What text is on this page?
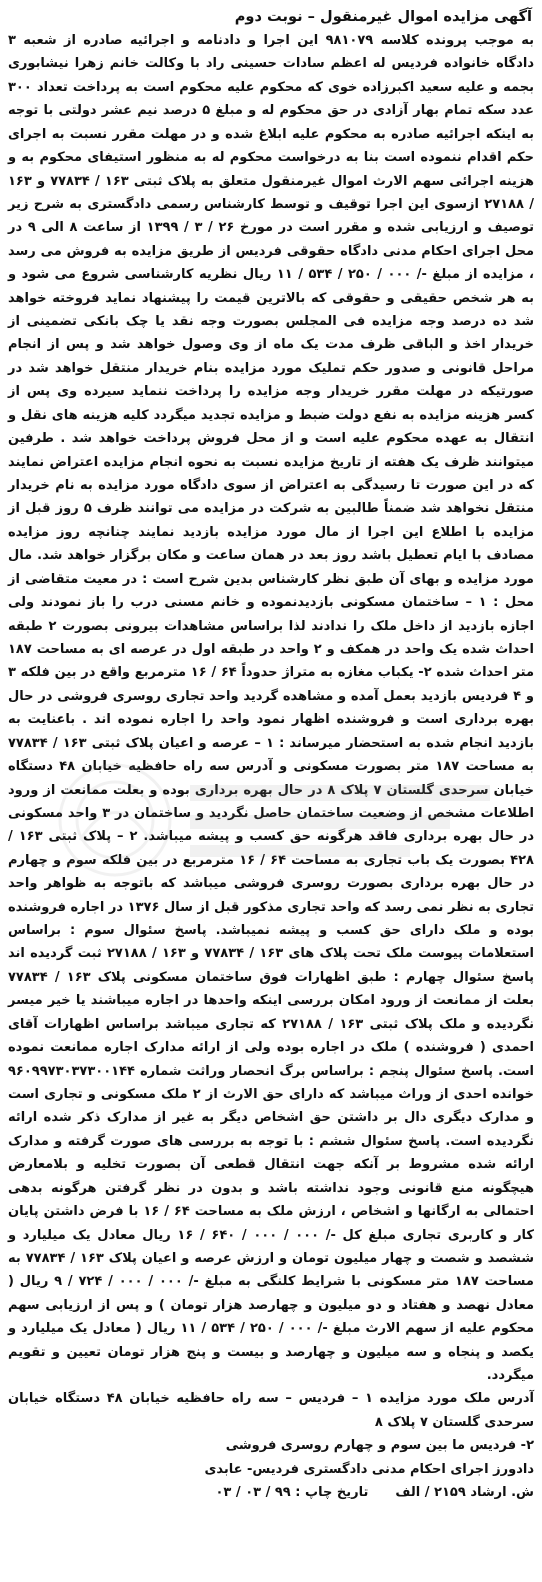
آگهی مزایده اموال غیرمنقول – نوبت دوم

به موجب پرونده کلاسه ۹۸۱۰۷۹ این اجرا و دادنامه و اجرائیه صادره از شعبه ۳ دادگاه خانواده فردیس له اعظم سادات حسینی راد با وکالت خانم زهرا نیشابوری بجمه و علیه سعید اکبرزاده خوی که محکوم علیه محکوم است به پرداخت تعداد ۳۰۰ عدد سکه تمام بهار آزادی در حق محکوم له و مبلغ ۵ درصد نیم عشر دولتی با توجه به اینکه اجرائیه صادره به محکوم علیه ابلاغ شده و در مهلت مقرر نسبت به اجرای حکم اقدام ننموده است بنا به درخواست محکوم له به منظور استیفای محکوم به و هزینه اجرائی سهم الارث اموال غیرمنقول متعلق به پلاک ثبتی ۱۶۳ / ۷۷۸۳۴ و ۱۶۳ / ۲۷۱۸۸ ازسوی این اجرا توقیف و توسط کارشناس رسمی دادگستری به شرح زیر توصیف و ارزیابی شده و مقرر است در مورخ ۲۶ / ۳ / ۱۳۹۹ از ساعت ۸ الی ۹ در محل اجرای احکام مدنی دادگاه حقوقی فردیس از طریق مزایده به فروش می رسد ، مزایده از مبلغ -/ ۰۰۰ / ۲۵۰ / ۵۳۴ / ۱۱ ریال نظریه کارشناسی شروع می شود و به هر شخص حقیقی و حقوقی که بالاترین قیمت را پیشنهاد نماید فروخته خواهد شد ده درصد وجه مزایده فی المجلس بصورت وجه نقد یا چک بانکی تضمینی از خریدار اخذ و الباقی ظرف مدت یک ماه از وی وصول خواهد شد و پس از انجام مراحل قانونی و صدور حکم تملیک مورد مزایده بنام خریدار منتقل خواهد شد در صورتیکه در مهلت مقرر خریدار وجه مزایده را پرداخت ننماید سیرده وی پس از کسر هزینه مزایده به نفع دولت ضبط و مزایده تجدید میگردد کلیه هزینه های نقل و انتقال به عهده محکوم علیه است و از محل فروش پرداخت خواهد شد . طرفین میتوانند ظرف یک هفته از تاریخ مزایده نسبت به نحوه انجام مزایده اعتراض نمایند که در این صورت تا رسیدگی به اعتراض از سوی دادگاه مورد مزایده به نام خریدار منتقل نخواهد شد ضمناً طالبین به شرکت در مزایده می توانند ظرف ۵ روز قبل از مزایده با اطلاع این اجرا از مال مورد مزایده بازدید نمایند چنانچه روز مزایده مصادف با ایام تعطیل باشد روز بعد در همان ساعت و مکان برگزار خواهد شد. مال مورد مزایده و بهای آن طبق نظر کارشناس بدین شرح است : در معیت متقاضی از محل : ۱ – ساختمان مسکونی بازدیدنموده و خانم مسنی درب را باز نمودند ولی اجازه بازدید از داخل ملک را ندادند لذا براساس مشاهدات بیرونی بصورت ۲ طبقه احداث شده یک واحد در همکف و ۲ واحد در طبقه اول در عرصه ای به مساحت ۱۸۷ متر احداث شده ۲- یکباب مغازه به متراژ حدوداً ۶۴ / ۱۶ مترمربع واقع در بین فلکه ۳ و ۴ فردیس بازدید بعمل آمده و مشاهده گردید واحد تجاری روسری فروشی در حال بهره برداری است و فروشنده اظهار نمود واحد را اجاره نموده اند . باعنایت به بازدید انجام شده به استحضار میرساند : ۱ – عرصه و اعیان پلاک ثبتی ۱۶۳ / ۷۷۸۳۴ به مساحت ۱۸۷ متر بصورت مسکونی و آدرس سه راه حافظیه خیابان ۴۸ دستگاه خیابان سرحدی گلستان ۷ پلاک ۸ در حال بهره برداری بوده و بعلت ممانعت از ورود اطلاعات مشخص از وضعیت ساختمان حاصل نگردید و ساختمان در ۳ واحد مسکونی در حال بهره برداری فاقد هرگونه حق کسب و پیشه میباشد. ۲ – پلاک ثبتی ۱۶۳ / ۴۲۸ بصورت یک باب تجاری به مساحت ۶۴ / ۱۶ مترمربع در بین فلکه سوم و چهارم در حال بهره برداری بصورت روسری فروشی میباشد که باتوجه به ظواهر واحد تجاری به نظر نمی رسد که واحد تجاری مذکور قبل از سال ۱۳۷۶ در اجاره فروشنده بوده و ملک دارای حق کسب و پیشه نمیباشد. پاسخ سئوال سوم : براساس استعلامات پیوست ملک تحت پلاک های ۱۶۳ / ۷۷۸۳۴ و ۱۶۳ / ۲۷۱۸۸ ثبت گردیده اند پاسخ سئوال چهارم : طبق اظهارات فوق ساختمان مسکونی پلاک ۱۶۳ / ۷۷۸۳۴ بعلت از ممانعت از ورود امکان بررسی اینکه واحدها در اجاره میباشند یا خیر میسر نگردیده و ملک پلاک ثبتی ۱۶۳ / ۲۷۱۸۸ که تجاری میباشد براساس اظهارات آقای احمدی ( فروشنده ) ملک در اجاره بوده ولی از ارائه مدارک اجاره ممانعت نموده است. پاسخ سئوال پنجم : براساس برگ انحصار وراثت شماره ۹۶۰۹۹۷۳۰۳۷۳۰۰۱۴۴ خوانده احدی از وراث میباشد که دارای حق الارث از ۲ ملک مسکونی و تجاری است و مدارک دیگری دال بر داشتن حق اشخاص دیگر به غیر از مدارک ذکر شده ارائه نگردیده است. پاسخ سئوال ششم : با توجه به بررسی های صورت گرفته و مدارک ارائه شده مشروط بر آنکه جهت انتقال قطعی آن بصورت تخلیه و بلامعارض هیچگونه منع قانونی وجود نداشته باشد و بدون در نظر گرفتن هرگونه بدهی احتمالی به ارگانها و اشخاص ، ارزش ملک به مساحت ۶۴ / ۱۶ با فرض داشتن پایان کار و کاربری تجاری مبلغ کل -/ ۰۰۰ / ۰۰۰ / ۶۴۰ / ۱۶ ریال معادل یک میلیارد و ششصد و شصت و چهار میلیون تومان و ارزش عرصه و اعیان پلاک ۱۶۳ / ۷۷۸۳۴ به مساحت ۱۸۷ متر مسکونی با شرایط کلنگی به مبلغ -/ ۰۰۰ / ۰۰۰ / ۷۲۴ / ۹ ریال ( معادل نهصد و هفتاد و دو میلیون و چهارصد هزار تومان ) و پس از ارزیابی سهم محکوم علیه از سهم الارث مبلغ -/ ۰۰۰ / ۲۵۰ / ۵۳۴ / ۱۱ ریال ( معادل یک میلیارد و یکصد و پنجاه و سه میلیون و چهارصد و بیست و پنج هزار تومان تعیین و تقویم میگردد.

آدرس ملک مورد مزایده ۱ – فردیس – سه راه حافظیه خیابان ۴۸ دستگاه خیابان سرحدی گلستان ۷ پلاک ۸

۲- فردیس ما بین سوم و چهارم روسری فروشی

دادورز اجرای احکام مدنی دادگستری فردیس- عابدی

ش. ارشاد ۲۱۵۹ / الف  تاریخ چاپ : ۹۹ / ۰۳ / ۰۳
